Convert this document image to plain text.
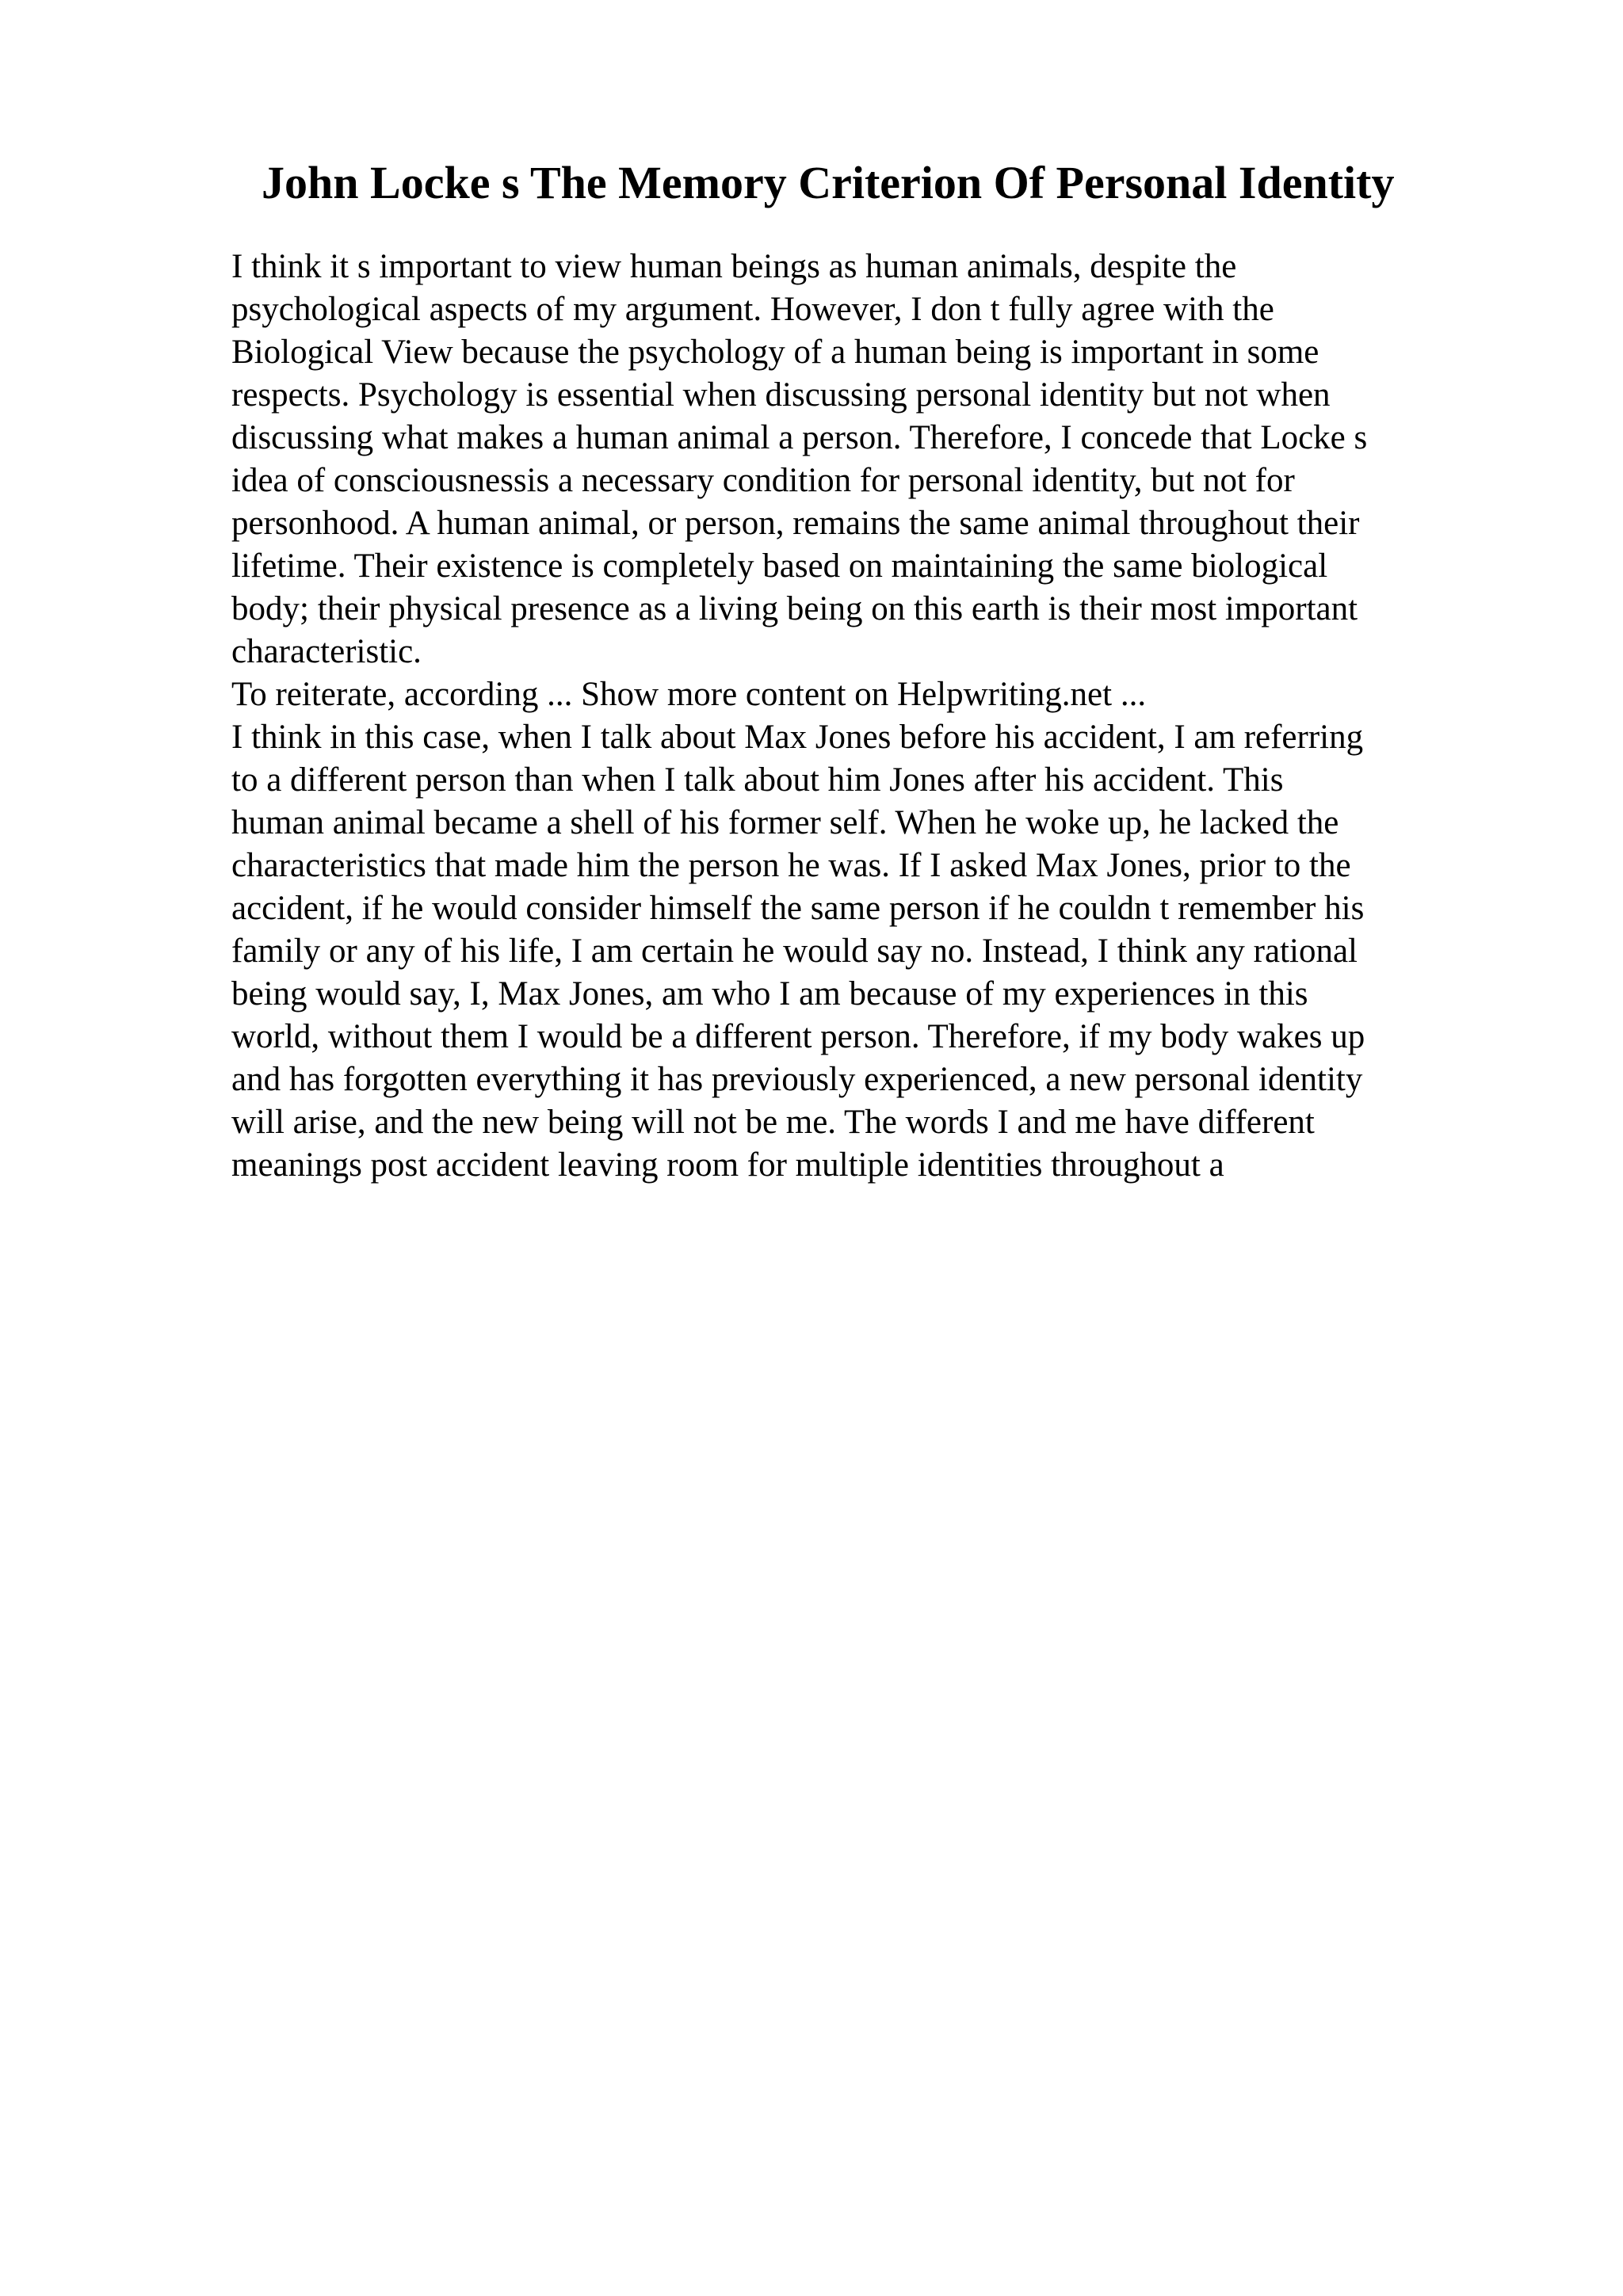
John Locke s The Memory Criterion Of Personal Identity
I think it s important to view human beings as human animals, despite the
psychological aspects of my argument. However, I don t fully agree with the
Biological View because the psychology of a human being is important in some
respects. Psychology is essential when discussing personal identity but not when
discussing what makes a human animal a person. Therefore, I concede that Locke s
idea of consciousnessis a necessary condition for personal identity, but not for
personhood. A human animal, or person, remains the same animal throughout their
lifetime. Their existence is completely based on maintaining the same biological
body; their physical presence as a living being on this earth is their most important
characteristic.
To reiterate, according ... Show more content on Helpwriting.net ...
I think in this case, when I talk about Max Jones before his accident, I am referring
to a different person than when I talk about him Jones after his accident. This
human animal became a shell of his former self. When he woke up, he lacked the
characteristics that made him the person he was. If I asked Max Jones, prior to the
accident, if he would consider himself the same person if he couldn t remember his
family or any of his life, I am certain he would say no. Instead, I think any rational
being would say, I, Max Jones, am who I am because of my experiences in this
world, without them I would be a different person. Therefore, if my body wakes up
and has forgotten everything it has previously experienced, a new personal identity
will arise, and the new being will not be me. The words I and me have different
meanings post accident leaving room for multiple identities throughout a
